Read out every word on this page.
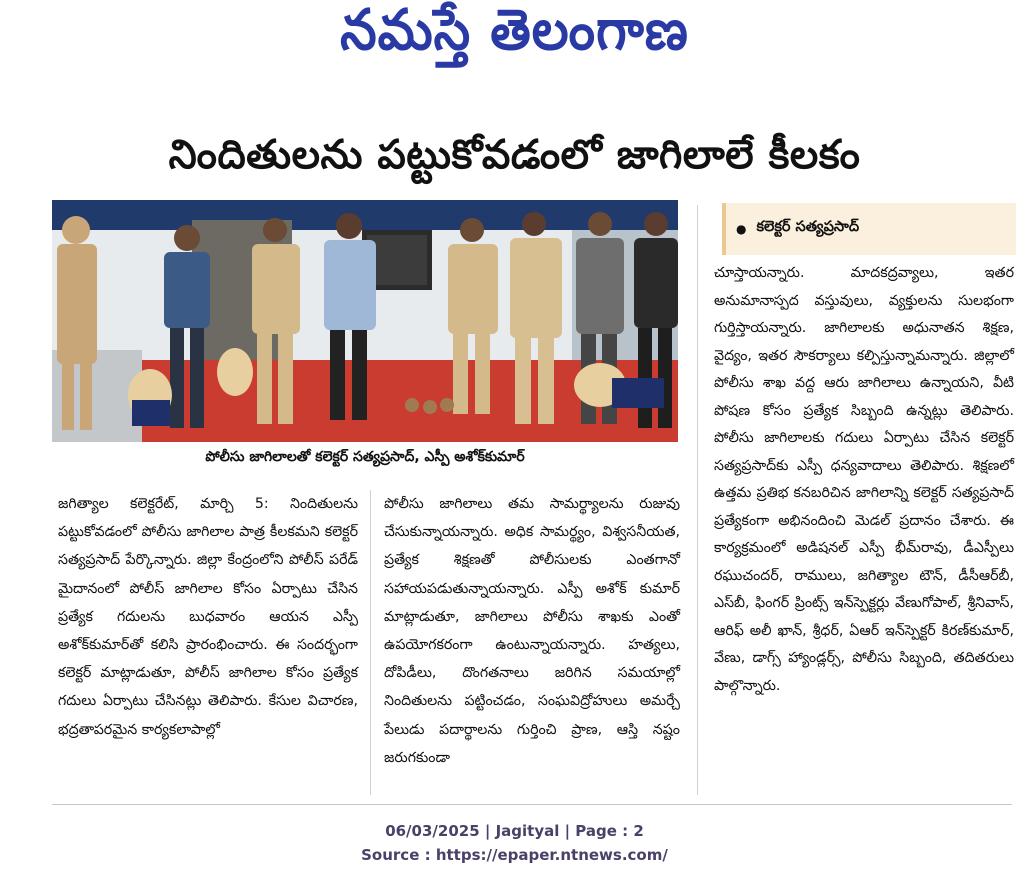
నమస్తే తెలంగాణ
నిందితులను పట్టుకోవడంలో జాగిలాలే కీలకం
పోలీసు జాగిలాలతో కలెక్టర్ సత్యప్రసాద్, ఎస్పీ అశోక్‌కుమార్
● కలెక్టర్ సత్యప్రసాద్

జగిత్యాల కలెక్టరేట్, మార్చి 5: నిందితులను పట్టుకోవడంలో పోలీసు జాగిలాల పాత్ర కీలకమని కలెక్టర్ సత్యప్రసాద్ పేర్కొన్నారు. జిల్లా కేంద్రంలోని పోలీస్ పరేడ్ మైదానంలో పోలీస్ జాగిలాల కోసం ఏర్పాటు చేసిన ప్రత్యేక గదులను బుధవారం ఆయన ఎస్పీ అశోక్‌కుమార్‌తో కలిసి ప్రారంభించారు. ఈ సందర్భంగా కలెక్టర్ మాట్లాడుతూ, పోలీస్ జాగిలాల కోసం ప్రత్యేక గదులు ఏర్పాటు చేసినట్లు తెలిపారు. కేసుల విచారణ, భద్రతాపరమైన కార్యకలాపాల్లో

పోలీసు జాగిలాలు తమ సామర్థ్యాలను రుజువు చేసుకున్నాయన్నారు. అధిక సామర్థ్యం, విశ్వసనీయత, ప్రత్యేక శిక్షణతో పోలీసులకు ఎంతగానో సహాయపడుతున్నాయన్నారు. ఎస్పీ అశోక్ కుమార్ మాట్లాడుతూ, జాగిలాలు పోలీసు శాఖకు ఎంతో ఉపయోగకరంగా ఉంటున్నాయన్నారు. హత్యలు, దోపిడీలు, దొంగతనాలు జరిగిన సమయాల్లో నిందితులను పట్టించడం, సంఘవిద్రోహులు అమర్చే పేలుడు పదార్థాలను గుర్తించి ప్రాణ, ఆస్తి నష్టం జరుగకుండా

చూస్తాయన్నారు. మాదకద్రవ్యాలు, ఇతర అనుమానాస్పద వస్తువులు, వ్యక్తులను సులభంగా గుర్తిస్తాయన్నారు. జాగిలాలకు అధునాతన శిక్షణ, వైద్యం, ఇతర సౌకర్యాలు కల్పిస్తున్నామన్నారు. జిల్లాలో పోలీసు శాఖ వద్ద ఆరు జాగిలాలు ఉన్నాయని, వీటి పోషణ కోసం ప్రత్యేక సిబ్బంది ఉన్నట్లు తెలిపారు. పోలీసు జాగిలాలకు గదులు ఏర్పాటు చేసిన కలెక్టర్ సత్యప్రసాద్‌కు ఎస్పీ ధన్యవాదాలు తెలిపారు. శిక్షణలో ఉత్తమ ప్రతిభ కనబరిచిన జాగిలాన్ని కలెక్టర్ సత్యప్రసాద్ ప్రత్యేకంగా అభినందించి మెడల్ ప్రదానం చేశారు. ఈ కార్యక్రమంలో అడిషనల్ ఎస్పీ భీమ్‌రావు, డీఎస్పీలు రఘుచందర్, రాములు, జగిత్యాల టౌన్, డీసీఆర్‌బీ, ఎస్‌బీ, ఫింగర్ ప్రింట్స్ ఇన్‌స్పెక్టర్లు వేణుగోపాల్, శ్రీనివాస్, ఆరిఫ్ అలీ ఖాన్, శ్రీధర్, ఏఆర్ ఇన్‌స్పెక్టర్ కిరణ్‌కుమార్, వేణు, డాగ్స్ హ్యాండ్లర్స్, పోలీసు సిబ్బంది, తదితరులు పాల్గొన్నారు.

06/03/2025 | Jagityal | Page : 2
Source : https://epaper.ntnews.com/
